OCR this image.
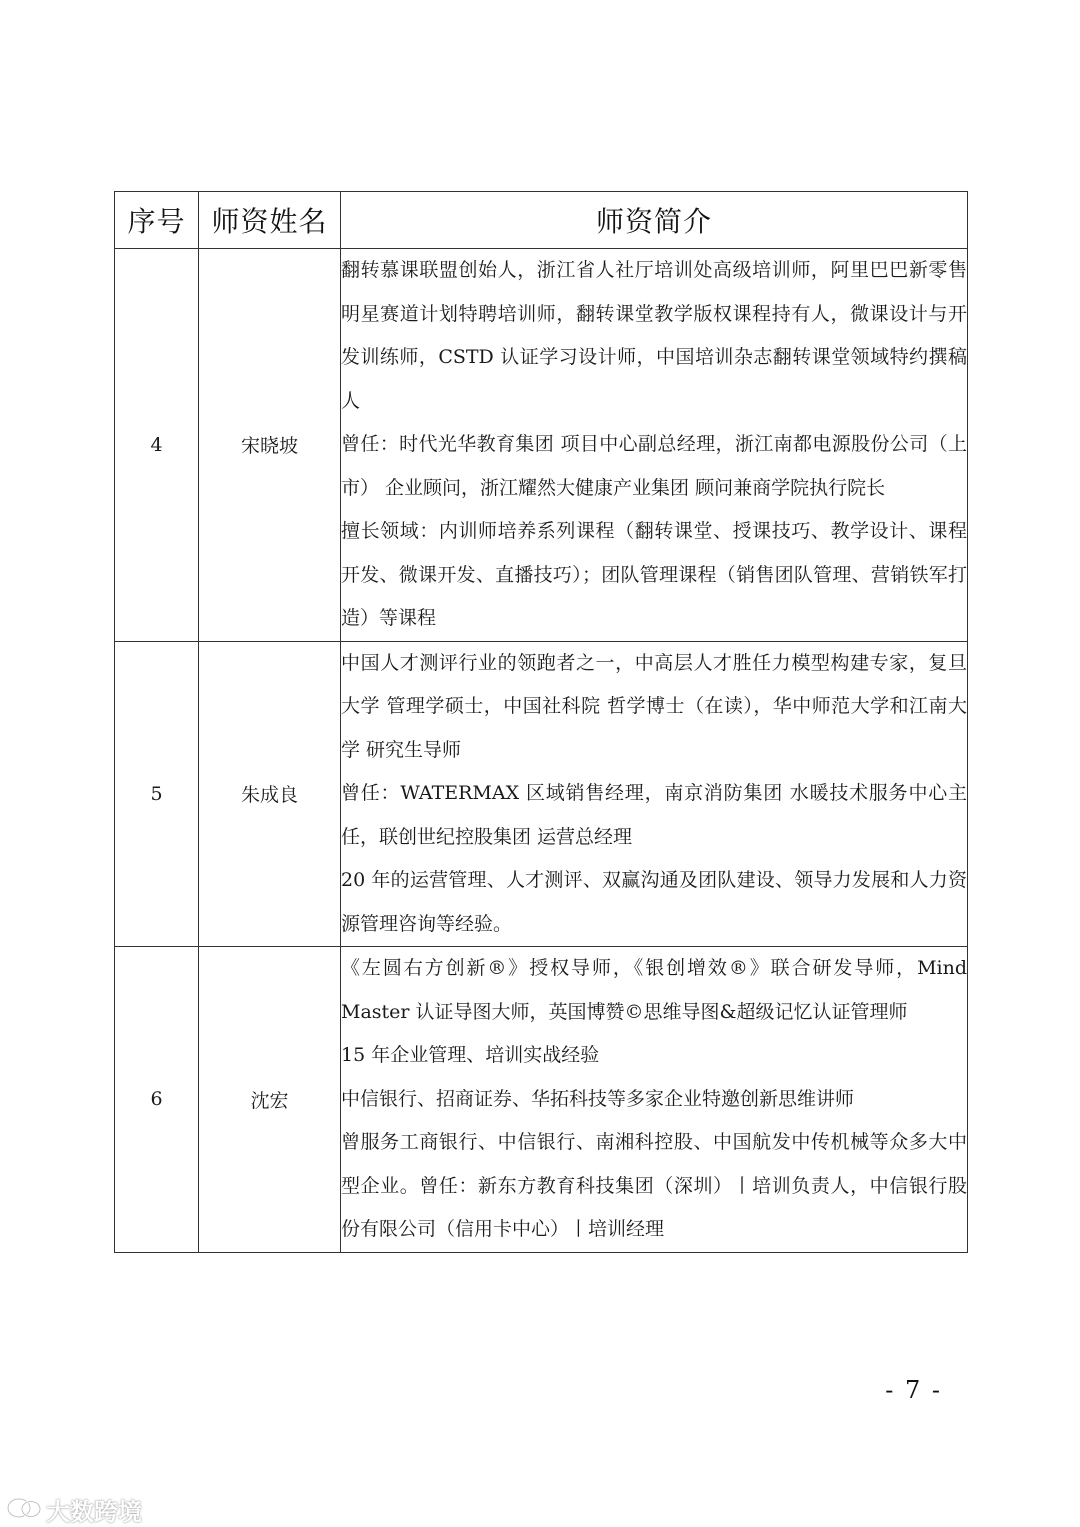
序号	师资姓名	师资简介
4	宋晓坡	翻转慕课联盟创始人，浙江省人社厅培训处高级培训师，阿里巴巴新零售明星赛道计划特聘培训师，翻转课堂教学版权课程持有人，微课设计与开发训练师，CSTD 认证学习设计师，中国培训杂志翻转课堂领域特约撰稿人

曾任：时代光华教育集团 项目中心副总经理，浙江南都电源股份公司（上市） 企业顾问，浙江耀然大健康产业集团 顾问兼商学院执行院长

擅长领域：内训师培养系列课程（翻转课堂、授课技巧、教学设计、课程开发、微课开发、直播技巧）；团队管理课程（销售团队管理、营销铁军打造）等课程

5	朱成良	中国人才测评行业的领跑者之一，中高层人才胜任力模型构建专家，复旦大学 管理学硕士，中国社科院 哲学博士（在读），华中师范大学和江南大学 研究生导师

曾任：WATERMAX 区域销售经理，南京消防集团 水暖技术服务中心主任，联创世纪控股集团 运营总经理

20 年的运营管理、人才测评、双赢沟通及团队建设、领导力发展和人力资源管理咨询等经验。

6	沈宏	《左圆右方创新®》授权导师，《银创增效®》联合研发导师，Mind Master 认证导图大师，英国博赞©思维导图&超级记忆认证管理师

15 年企业管理、培训实战经验

中信银行、招商证券、华拓科技等多家企业特邀创新思维讲师

曾服务工商银行、中信银行、南湘科控股、中国航发中传机械等众多大中型企业。曾任：新东方教育科技集团（深圳）丨培训负责人，中信银行股份有限公司（信用卡中心）丨培训经理

- 7 -
大数跨境
